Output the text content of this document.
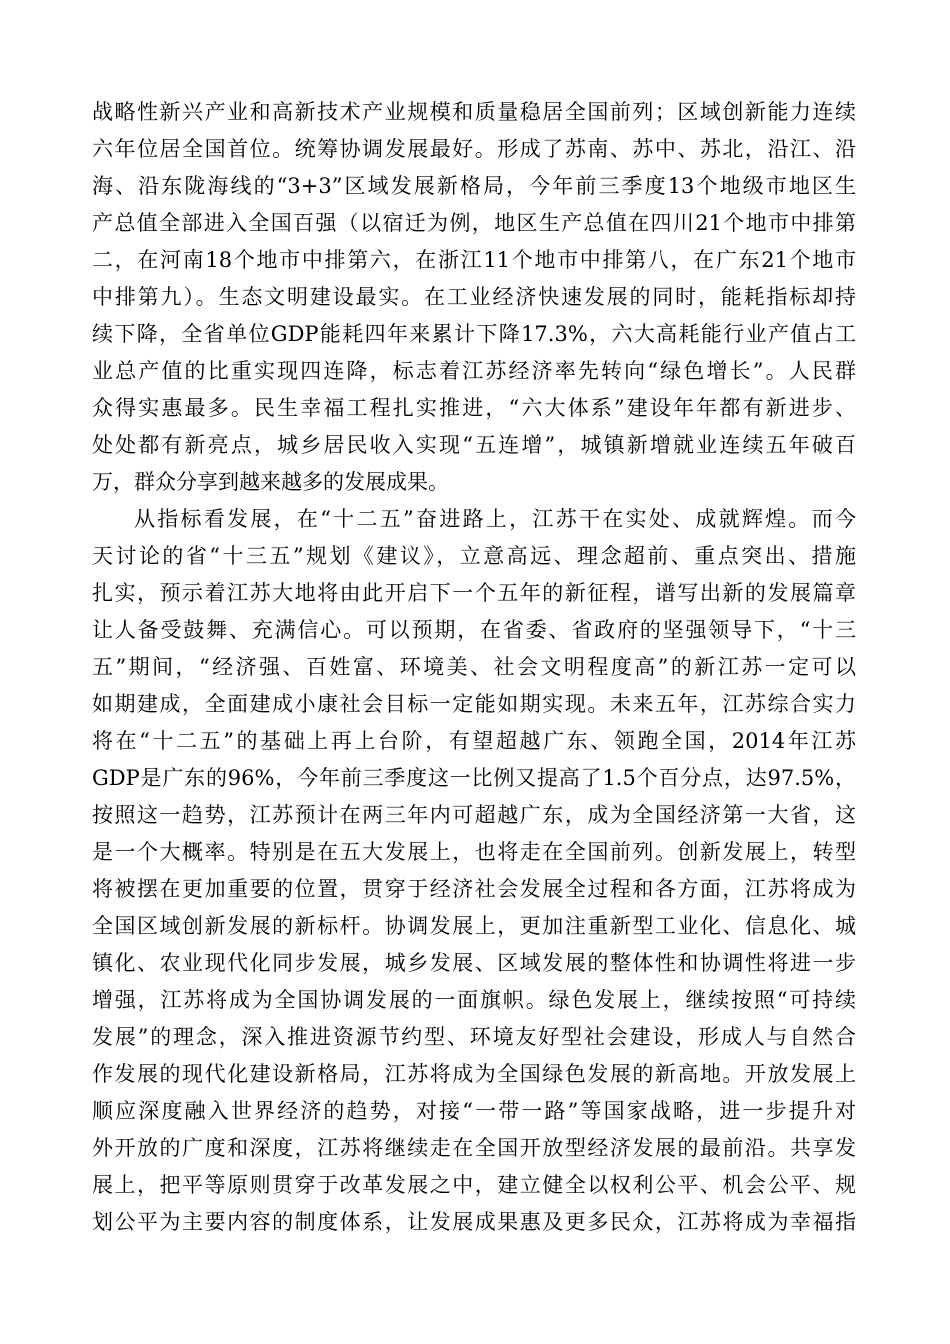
战略性新兴产业和高新技术产业规模和质量稳居全国前列；区域创新能力连续
六年位居全国首位。统筹协调发展最好。形成了苏南、苏中、苏北，沿江、沿
海、沿东陇海线的“3+3”区域发展新格局，今年前三季度13个地级市地区生
产总值全部进入全国百强（以宿迁为例，地区生产总值在四川21个地市中排第
二，在河南18个地市中排第六，在浙江11个地市中排第八，在广东21个地市
中排第九）。生态文明建设最实。在工业经济快速发展的同时，能耗指标却持
续下降，全省单位GDP能耗四年来累计下降17.3%，六大高耗能行业产值占工
业总产值的比重实现四连降，标志着江苏经济率先转向“绿色增长”。人民群
众得实惠最多。民生幸福工程扎实推进，“六大体系”建设年年都有新进步、
处处都有新亮点，城乡居民收入实现“五连增”，城镇新增就业连续五年破百
万，群众分享到越来越多的发展成果。
从指标看发展，在“十二五”奋进路上，江苏干在实处、成就辉煌。而今
天讨论的省“十三五”规划《建议》，立意高远、理念超前、重点突出、措施
扎实，预示着江苏大地将由此开启下一个五年的新征程，谱写出新的发展篇章
让人备受鼓舞、充满信心。可以预期，在省委、省政府的坚强领导下，“十三
五”期间，“经济强、百姓富、环境美、社会文明程度高”的新江苏一定可以
如期建成，全面建成小康社会目标一定能如期实现。未来五年，江苏综合实力
将在“十二五”的基础上再上台阶，有望超越广东、领跑全国，2014年江苏
GDP是广东的96%，今年前三季度这一比例又提高了1.5个百分点，达97.5%，
按照这一趋势，江苏预计在两三年内可超越广东，成为全国经济第一大省，这
是一个大概率。特别是在五大发展上，也将走在全国前列。创新发展上，转型
将被摆在更加重要的位置，贯穿于经济社会发展全过程和各方面，江苏将成为
全国区域创新发展的新标杆。协调发展上，更加注重新型工业化、信息化、城
镇化、农业现代化同步发展，城乡发展、区域发展的整体性和协调性将进一步
增强，江苏将成为全国协调发展的一面旗帜。绿色发展上，继续按照“可持续
发展”的理念，深入推进资源节约型、环境友好型社会建设，形成人与自然合
作发展的现代化建设新格局，江苏将成为全国绿色发展的新高地。开放发展上
顺应深度融入世界经济的趋势，对接“一带一路”等国家战略，进一步提升对
外开放的广度和深度，江苏将继续走在全国开放型经济发展的最前沿。共享发
展上，把平等原则贯穿于改革发展之中，建立健全以权利公平、机会公平、规
划公平为主要内容的制度体系，让发展成果惠及更多民众，江苏将成为幸福指
